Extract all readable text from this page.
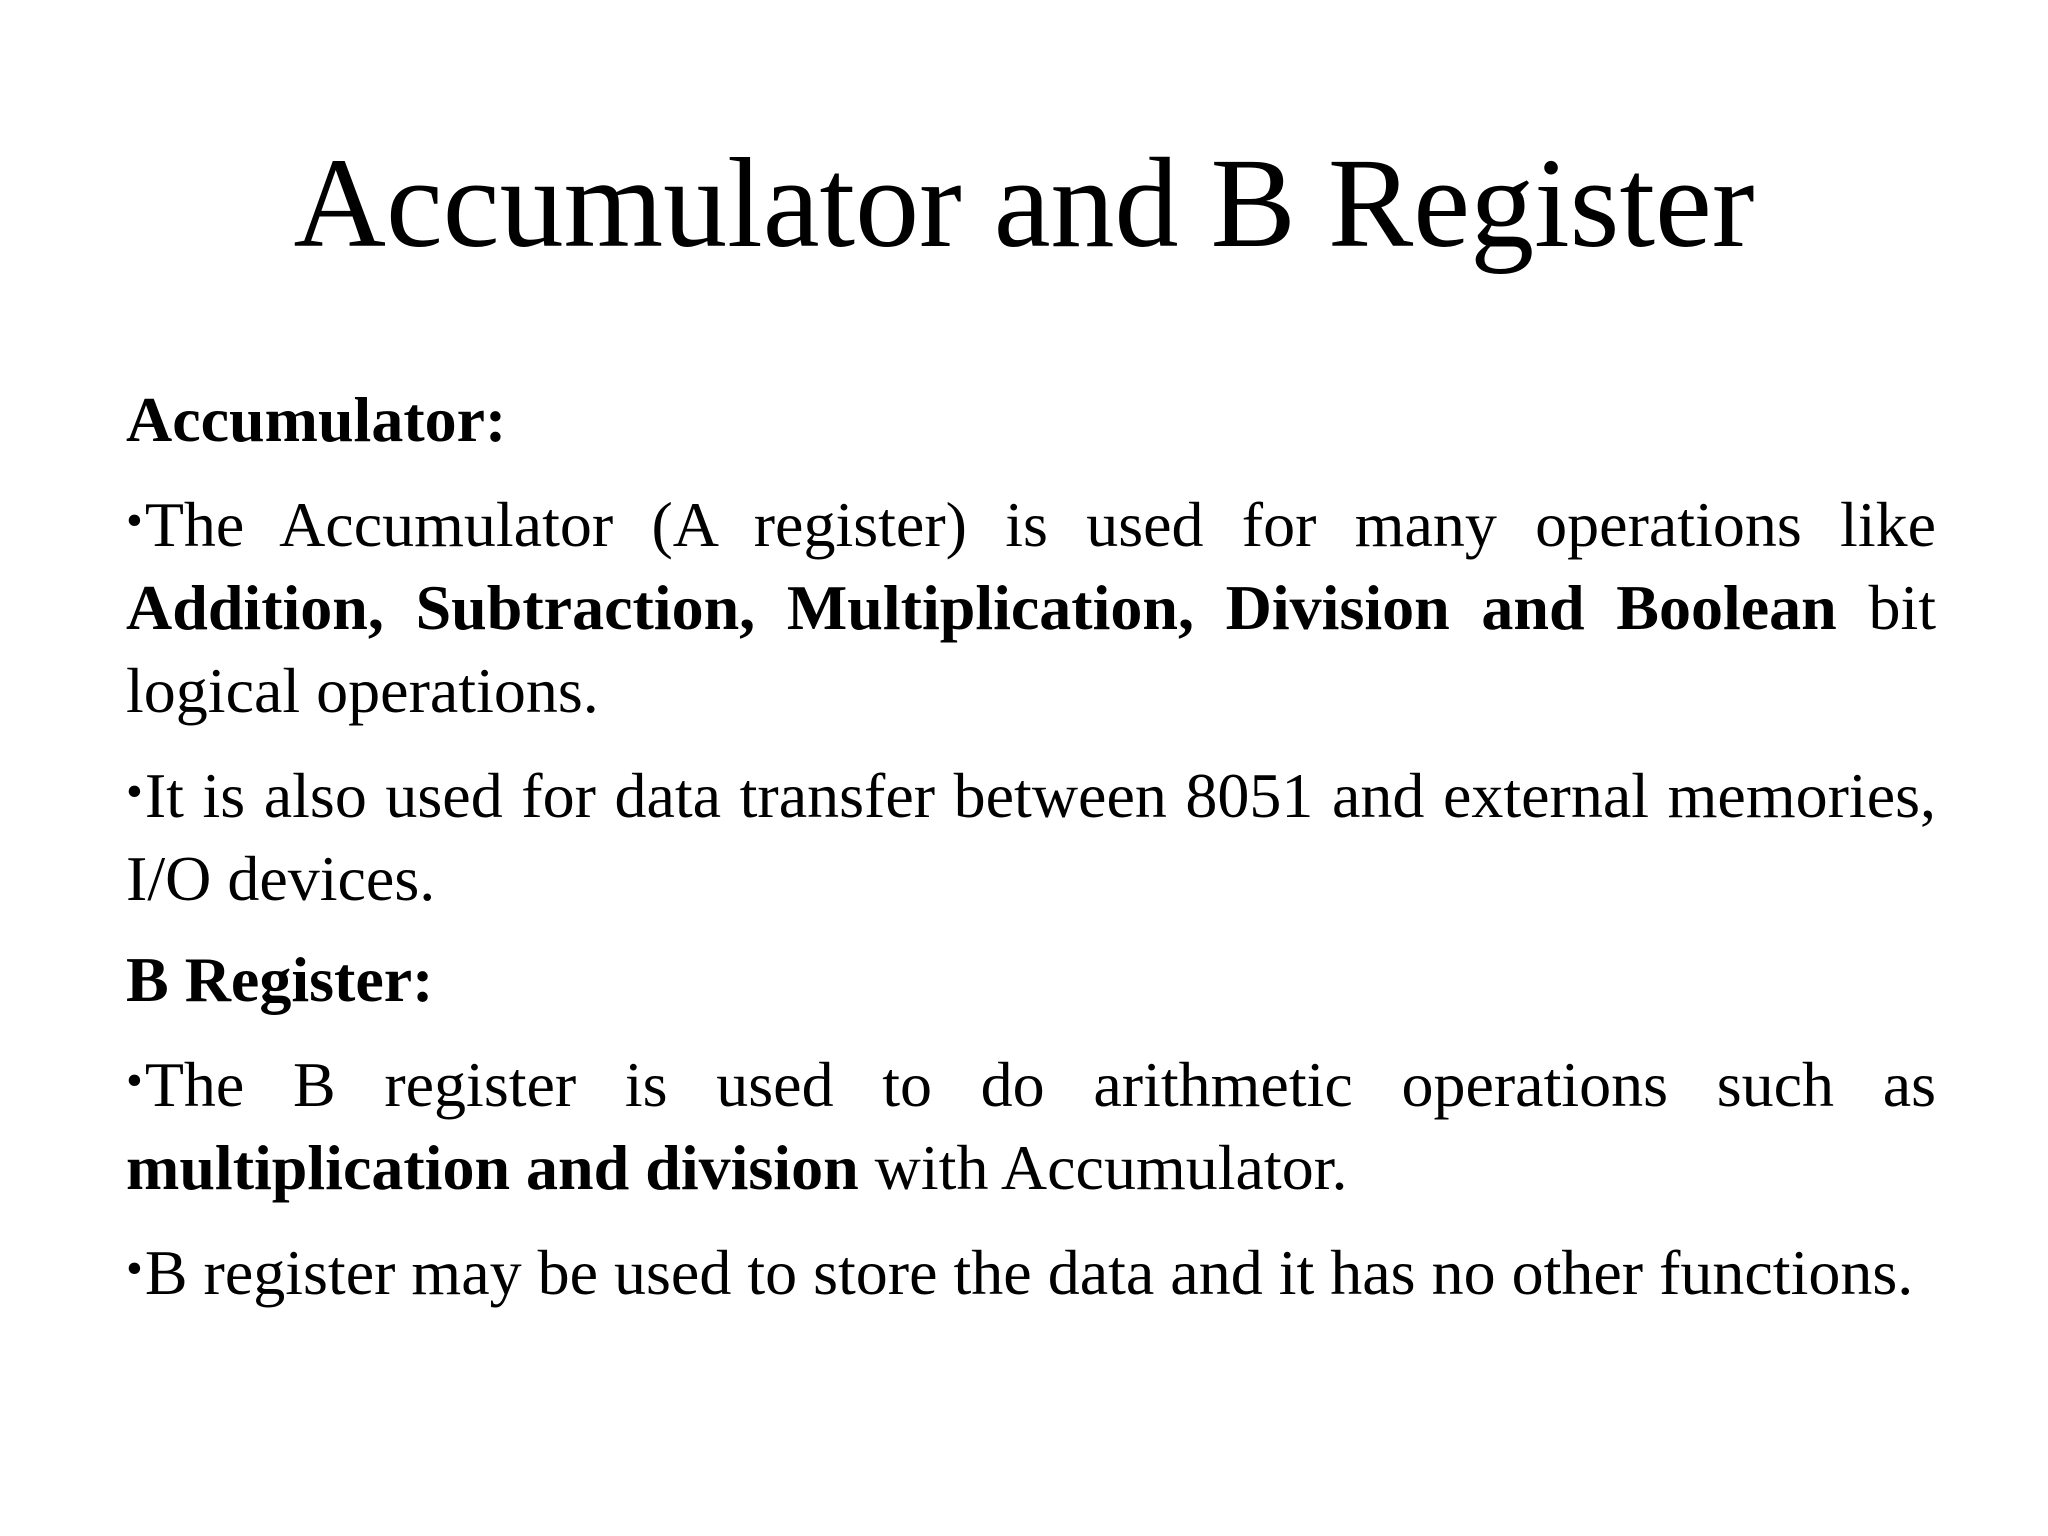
Accumulator and B Register

Accumulator:

•The Accumulator (A register) is used for many operations like Addition, Subtraction, Multiplication, Division and Boolean bit logical operations.

•It is also used for data transfer between 8051 and external memories, I/O devices.

B Register:

•The B register is used to do arithmetic operations such as multiplication and division with Accumulator.

•B register may be used to store the data and it has no other functions.
